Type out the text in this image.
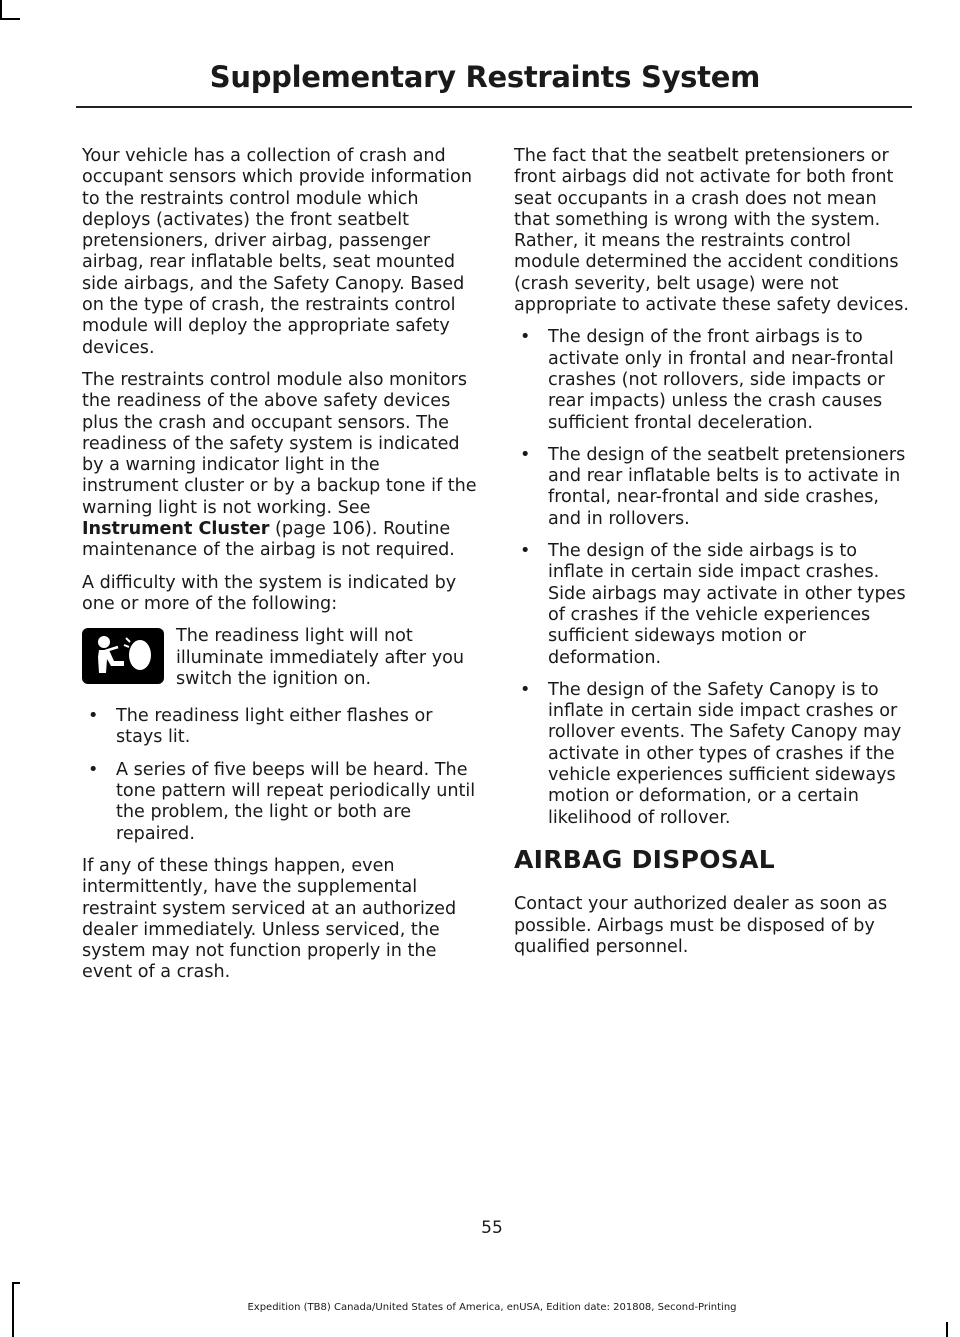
Supplementary Restraints System

Your vehicle has a collection of crash and occupant sensors which provide information to the restraints control module which deploys (activates) the front seatbelt pretensioners, driver airbag, passenger airbag, rear inflatable belts, seat mounted side airbags, and the Safety Canopy. Based on the type of crash, the restraints control module will deploy the appropriate safety devices.

The restraints control module also monitors the readiness of the above safety devices plus the crash and occupant sensors. The readiness of the safety system is indicated by a warning indicator light in the instrument cluster or by a backup tone if the warning light is not working. See Instrument Cluster (page 106). Routine maintenance of the airbag is not required.

A difficulty with the system is indicated by one or more of the following:

The readiness light will not illuminate immediately after you switch the ignition on.
• The readiness light either flashes or stays lit.
• A series of five beeps will be heard. The tone pattern will repeat periodically until the problem, the light or both are repaired.

If any of these things happen, even intermittently, have the supplemental restraint system serviced at an authorized dealer immediately. Unless serviced, the system may not function properly in the event of a crash.

The fact that the seatbelt pretensioners or front airbags did not activate for both front seat occupants in a crash does not mean that something is wrong with the system. Rather, it means the restraints control module determined the accident conditions (crash severity, belt usage) were not appropriate to activate these safety devices.

• The design of the front airbags is to activate only in frontal and near-frontal crashes (not rollovers, side impacts or rear impacts) unless the crash causes sufficient frontal deceleration.
• The design of the seatbelt pretensioners and rear inflatable belts is to activate in frontal, near-frontal and side crashes, and in rollovers.
• The design of the side airbags is to inflate in certain side impact crashes. Side airbags may activate in other types of crashes if the vehicle experiences sufficient sideways motion or deformation.
• The design of the Safety Canopy is to inflate in certain side impact crashes or rollover events. The Safety Canopy may activate in other types of crashes if the vehicle experiences sufficient sideways motion or deformation, or a certain likelihood of rollover.
AIRBAG DISPOSAL

Contact your authorized dealer as soon as possible. Airbags must be disposed of by qualified personnel.

55
Expedition (TB8) Canada/United States of America, enUSA, Edition date: 201808, Second-Printing
